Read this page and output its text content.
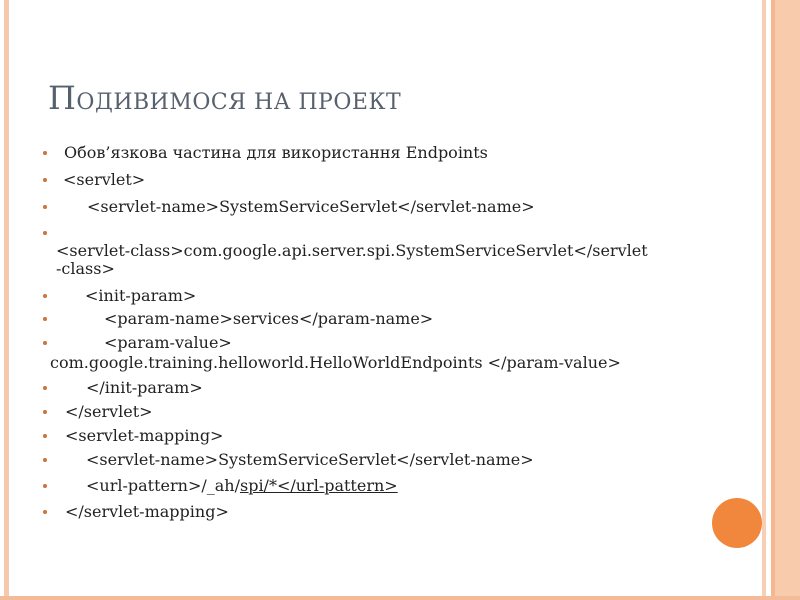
ПОДИВИМОСЯ НА ПРОЕКТ
Обов’язкова частина для використання Endpoints
<servlet>
<servlet-name>SystemServiceServlet</servlet-name>
<servlet-class>com.google.api.server.spi.SystemServiceServlet</servlet
-class>
<init-param>
<param-name>services</param-name>
<param-value>
com.google.training.helloworld.HelloWorldEndpoints </param-value>
</init-param>
</servlet>
<servlet-mapping>
<servlet-name>SystemServiceServlet</servlet-name>
<url-pattern>/_ah/spi/*</url-pattern>
</servlet-mapping>
